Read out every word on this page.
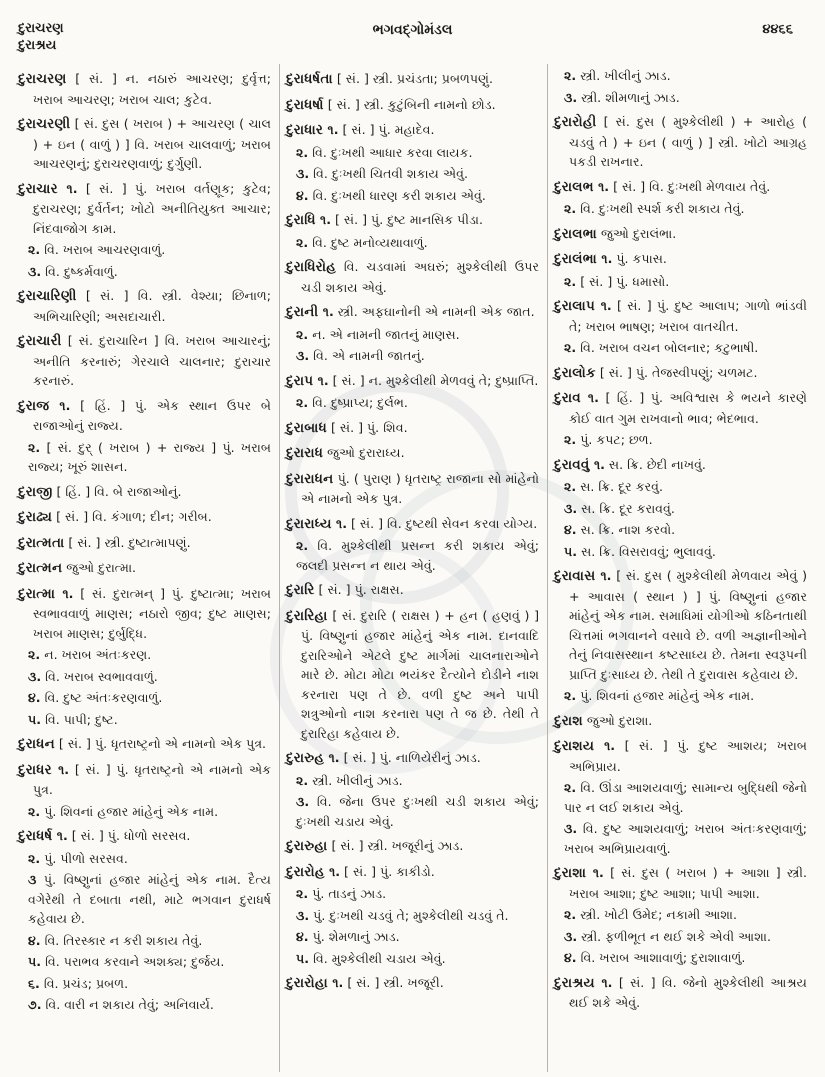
દુરાચરણ
દુરાશ્રય
ભગવદ્ગોમંડલ	૪૪૬૬

દુરાચરણ [ સં. ] ન. નઠારું આચરણ; દુર્વૃત્ત; ખરાબ આચરણ; ખરાબ ચાલ; કુટેવ.

દુરાચરણી [ સં. દુસ ( ખરાબ ) + આચરણ ( ચાલ ) + ઇન ( વાળું ) ] વિ. ખરાબ ચાલવાળું; ખરાબ આચરણનું; દુરાચરણવાળું; દુર્ગુણી.

દુરાચાર ૧. [ સં. ] પું. ખરાબ વર્તણૂક; કુટેવ; દુરાચરણ; દુર્વર્તન; ખોટો અનીતિયુક્ત આચાર; નિંદવાજોગ કામ.

૨. વિ. ખરાબ આચરણવાળું.

૩. વિ. દુષ્કર્મવાળું.

દુરાચારિણી [ સં. ] વિ. સ્ત્રી. વેશ્યા; છિનાળ; અભિચારિણી; અસદાચારી.

દુરાચારી [ સં. દુરાચારિન ] વિ. ખરાબ આચારનું; અનીતિ કરનારું; ગેરચાલે ચાલનાર; દુરાચાર કરનારું.

દુરાજ ૧. [ હિં. ] પું. એક સ્થાન ઉપર બે રાજાઓનું રાજ્ય.

૨. [ સં. દુર્ ( ખરાબ ) + રાજ્ય ] પું. ખરાબ રાજ્ય; ખૂરું શાસન.

દુરાજી [ હિં. ] વિ. બે રાજાઓનું.

દુરાઢ્ય [ સં. ] વિ. કંગાળ; દીન; ગરીબ.

દુરાત્મતા [ સં. ] સ્ત્રી. દુષ્ટાત્માપણું.

દુરાત્મન જુઓ દુરાત્મા.

દુરાત્મા ૧. [ સં. દુરાત્મન્ ] પું. દુષ્ટાત્મા; ખરાબ સ્વભાવવાળું માણસ; નઠારો જીવ; દુષ્ટ માણસ; ખરાબ માણસ; દુર્બુદ્ધિ.

૨. ન. ખરાબ અંતઃકરણ.

૩. વિ. ખરાબ સ્વભાવવાળું.

૪. વિ. દુષ્ટ અંતઃકરણવાળું.

૫. વિ. પાપી; દુષ્ટ.

દુરાધન [ સં. ] પું. ધૃતરાષ્ટ્રનો એ નામનો એક પુત્ર.

દુરાધર ૧. [ સં. ] પું. ધૃતરાષ્ટ્રનો એ નામનો એક પુત્ર.

૨. પું. શિવનાં હજાર માંહેનું એક નામ.

દુરાધર્ષ ૧. [ સં. ] પું. ધોળો સરસવ.

૨. પું. પીળો સરસવ.

૩ પું. વિષ્ણુનાં હજાર માંહેનું એક નામ. દૈત્ય વગેરેથી તે દબાતા નથી, માટે ભગવાન દુરાધર્ષ કહેવાય છે.

૪. વિ. તિરસ્કાર ન કરી શકાય તેવું.

૫. વિ. પરાભવ કરવાને અશક્ય; દુર્જય.

૬. વિ. પ્રચંડ; પ્રબળ.

૭. વિ. વારી ન શકાય તેવું; અનિવાર્ય.

દુરાધર્ષતા [ સં. ] સ્ત્રી. પ્રચંડતા; પ્રબળપણું.

દુરાધર્ષા [ સં. ] સ્ત્રી. કુટુંબિની નામનો છોડ.

દુરાધાર ૧. [ સં. ] પું. મહાદેવ.

૨. વિ. દુઃખથી આધાર કરવા લાયક.

૩. વિ. દુઃખથી ચિતવી શકાય એવું.

૪. વિ. દુઃખથી ધારણ કરી શકાય એવું.

દુરાધિ ૧. [ સં. ] પું. દુષ્ટ માનસિક પીડા.

૨. વિ. દુષ્ટ મનોવ્યથાવાળું.

દુરાધિરોહ વિ. ચડવામાં અઘરું; મુશ્કેલીથી ઉપર ચડી શકાય એવું.

દુરાની ૧. સ્ત્રી. અફઘાનોની એ નામની એક જાત.

૨. ન. એ નામની જાતનું માણસ.

૩. વિ. એ નામની જાતનું.

દુરાપ ૧. [ સં. ] ન. મુશ્કેલીથી મેળવવું તે; દુષ્પ્રાપ્તિ.

૨. વિ. દુષ્પ્રાપ્ય; દુર્લભ.

દુરાબાધ [ સં. ] પું. શિવ.

દુરારાધ જુઓ દુરારાધ્ય.

દુરારાધન પું. ( પુરાણ ) ધૃતરાષ્ટ્ર રાજાના સો માંહેનો એ નામનો એક પુત્ર.

દુરારાધ્ય ૧. [ સં. ] વિ. દુષ્ટથી સેવન કરવા યોગ્ય.

૨. વિ. મુશ્કેલીથી પ્રસન્ન કરી શકાય એવું; જલદી પ્રસન્ન ન થાય એવું.

દુરારિ [ સં. ] પું. રાક્ષસ.

દુરારિહા [ સં. દુરારિ ( રાક્ષસ ) + હન ( હણવું ) ] પું. વિષ્ણુનાં હજાર માંહેનું એક નામ. દાનવાદિ દુરારિઓને એટલે દુષ્ટ માર્ગમાં ચાલનારાઓને મારે છે. મોટા મોટા ભયંકર દૈત્યોને દોડીને નાશ કરનારા પણ તે છે. વળી દુષ્ટ અને પાપી શત્રુઓનો નાશ કરનારા પણ તે જ છે. તેથી તે દુરારિહા કહેવાય છે.

દુરારુહ ૧. [ સં. ] પું. નાળિયેરીનું ઝાડ.

૨. સ્ત્રી. ખીલીનું ઝાડ.

૩. વિ. જેના ઉપર દુઃખથી ચડી શકાય એવું; દુઃખથી ચડાય એવું.

દુરારુહા [ સં. ] સ્ત્રી. ખજૂરીનું ઝાડ.

દુરારોહ ૧. [ સં. ] પું. કાકીડો.

૨. પું. તાડનું ઝાડ.

૩. પું. દુઃખથી ચડવું તે; મુશ્કેલીથી ચડવું તે.

૪. પું. શેમળાનું ઝાડ.

૫. વિ. મુશ્કેલીથી ચડાય એવું.

દુરારોહા ૧. [ સં. ] સ્ત્રી. ખજૂરી.

૨. સ્ત્રી. ખીલીનું ઝાડ.

૩. સ્ત્રી. શીમળાનું ઝાડ.

દુરારોહી [ સં. દુસ ( મુશ્કેલીથી ) + આરોહ ( ચડવું તે ) + ઇન ( વાળું ) ] સ્ત્રી. ખોટો આગ્રહ પકડી રાખનાર.

દુરાલભ ૧. [ સં. ] વિ. દુઃખથી મેળવાય તેવું.

૨. વિ. દુઃખથી સ્પર્શ કરી શકાય તેવું.

દુરાલભા જુઓ દુરાલંભા.

દુરાલંભા ૧. પું. કપાસ.

૨. [ સં. ] પું. ધમાસો.

દુરાલાપ ૧. [ સં. ] પું. દુષ્ટ આલાપ; ગાળો ભાંડવી તે; ખરાબ ભાષણ; ખરાબ વાતચીત.

૨. વિ. ખરાબ વચન બોલનાર; કટુભાષી.

દુરાલોક [ સં. ] પું. તેજસ્વીપણું; ચળમટ.

દુરાવ ૧. [ હિં. ] પું. અવિશ્વાસ કે ભયને કારણે કોઈ વાત ગુમ રાખવાનો ભાવ; ભેદભાવ.

૨. પું. કપટ; છળ.

દુરાવવું ૧. સ. ક્રિ. છેદી નાખવું.

૨. સ. ક્રિ. દૂર કરવું.

૩. સ. ક્રિ. દૂર કરાવવું.

૪. સ. ક્રિ. નાશ કરવો.

૫. સ. ક્રિ. વિસરાવવું; ભુલાવવું.

દુરાવાસ ૧. [ સં. દુસ ( મુશ્કેલીથી મેળવાય એવું ) + આવાસ ( સ્થાન ) ] પું. વિષ્ણુનાં હજાર માંહેનું એક નામ. સમાધિમાં યોગીઓ કઠિનતાથી ચિત્તમાં ભગવાનને વસાવે છે. વળી અજ્ઞાનીઓને તેનું નિવાસસ્થાન કષ્ટસાધ્ય છે. તેમના સ્વરૂપની પ્રાપ્તિ દુઃસાધ્ય છે. તેથી તે દુરાવાસ કહેવાય છે.

૨. પું. શિવનાં હજાર માંહેનું એક નામ.

દુરાશ જુઓ દુરાશા.

દુરાશય ૧. [ સં. ] પું. દુષ્ટ આશય; ખરાબ અભિપ્રાય.

૨. વિ. ઊંડા આશયવાળું; સામાન્ય બુદ્ધિથી જેનો પાર ન લઈ શકાય એવું.

૩. વિ. દુષ્ટ આશયવાળું; ખરાબ અંતઃકરણવાળું; ખરાબ અભિપ્રાયવાળું.

દુરાશા ૧. [ સં. દુસ ( ખરાબ ) + આશા ] સ્ત્રી. ખરાબ આશા; દુષ્ટ આશા; પાપી આશા.

૨. સ્ત્રી. ખોટી ઉમેદ; નકામી આશા.

૩. સ્ત્રી. ફળીભૂત ન થઈ શકે એવી આશા.

૪. વિ. ખરાબ આશાવાળું; દુરાશાવાળું.

દુરાશ્રય ૧. [ સં. ] વિ. જેનો મુશ્કેલીથી આશ્રય થઈ શકે એવું.
